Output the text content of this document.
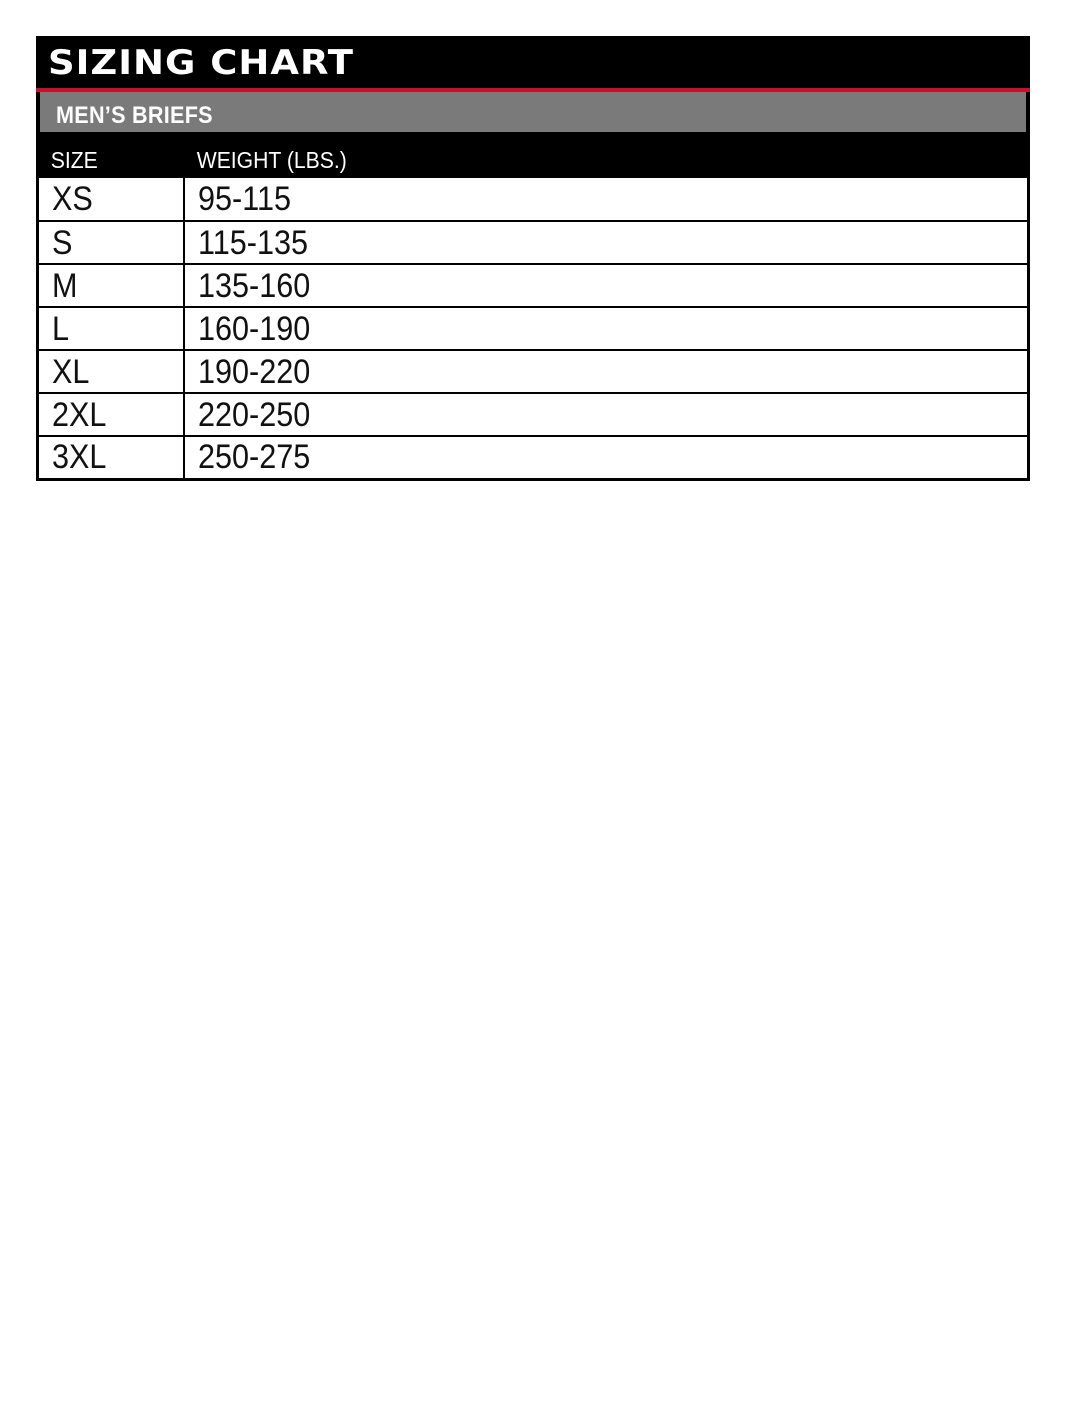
SIZING CHART
MEN’S BRIEFS
SIZE	WEIGHT (LBS.)
XS	95-115
S	115-135
M	135-160
L	160-190
XL	190-220
2XL	220-250
3XL	250-275
